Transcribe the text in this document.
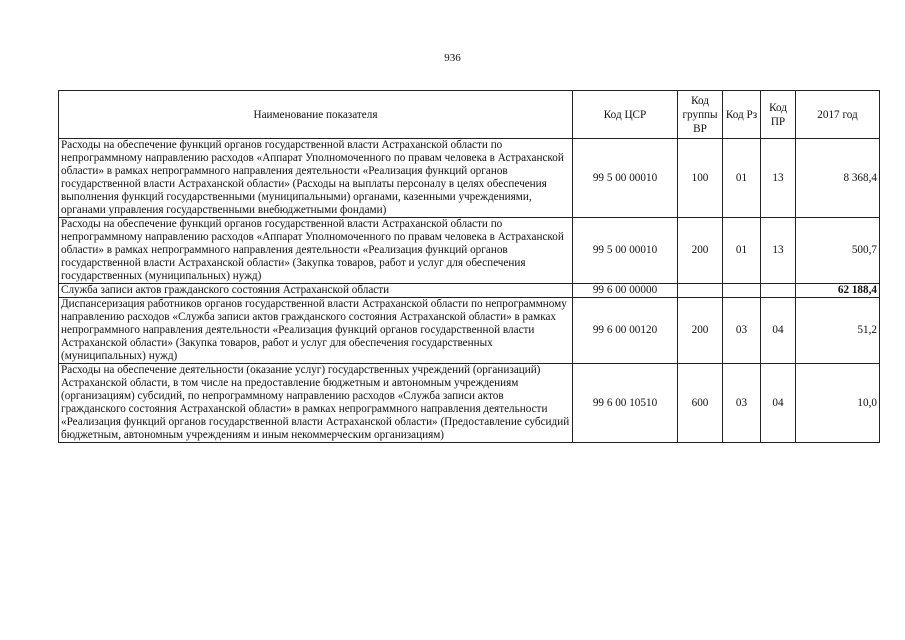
936
Наименование показателя	Код ЦСР	Код группы ВР	Код Рз	Код ПР	2017 год
Расходы на обеспечение функций органов государственной власти Астраханской области по непрограммному направлению расходов «Аппарат Уполномоченного по правам человека в Астраханской области» в рамках непрограммного направления деятельности «Реализация функций органов государственной власти Астраханской области» (Расходы на выплаты персоналу в целях обеспечения выполнения функций государственными (муниципальными) органами, казенными учреждениями, органами управления государственными внебюджетными фондами)	99 5 00 00010	100	01	13	8 368,4
Расходы на обеспечение функций органов государственной власти Астраханской области по непрограммному направлению расходов «Аппарат Уполномоченного по правам человека в Астраханской области» в рамках непрограммного направления деятельности «Реализация функций органов государственной власти Астраханской области» (Закупка товаров, работ и услуг для обеспечения государственных (муниципальных) нужд)	99 5 00 00010	200	01	13	500,7
Служба записи актов гражданского состояния Астраханской области	99 6 00 00000				62 188,4
Диспансеризация работников органов государственной власти Астраханской области по непрограммному направлению расходов «Служба записи актов гражданского состояния Астраханской области» в рамках непрограммного направления деятельности «Реализация функций органов государственной власти Астраханской области» (Закупка товаров, работ и услуг для обеспечения государственных (муниципальных) нужд)	99 6 00 00120	200	03	04	51,2
Расходы на обеспечение деятельности (оказание услуг) государственных учреждений (организаций) Астраханской области, в том числе на предоставление бюджетным и автономным учреждениям (организациям) субсидий, по непрограммному направлению расходов «Служба записи актов гражданского состояния Астраханской области» в рамках непрограммного направления деятельности «Реализация функций органов государственной власти Астраханской области» (Предоставление субсидий бюджетным, автономным учреждениям и иным некоммерческим организациям)	99 6 00 10510	600	03	04	10,0
